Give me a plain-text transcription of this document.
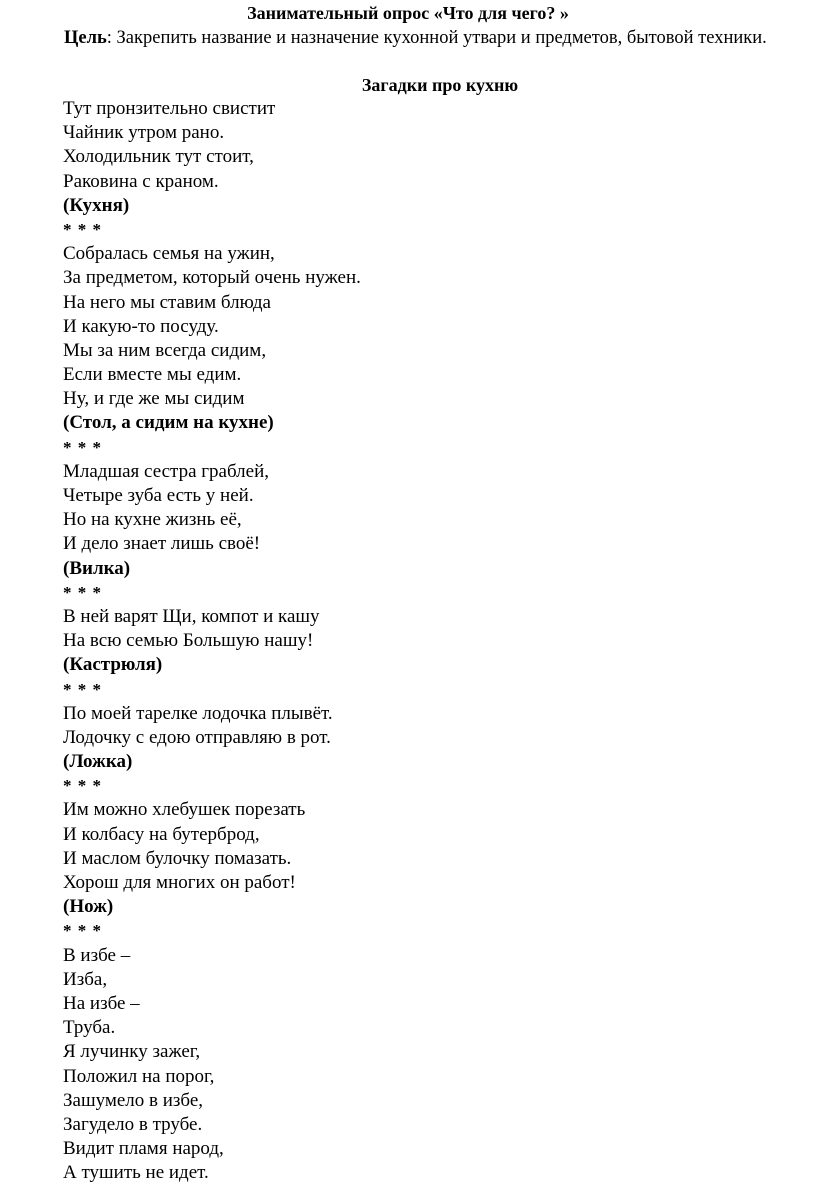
Занимательный опрос «Что для чего? »
Цель: Закрепить название и назначение кухонной утвари и предметов, бытовой техники.
Загадки про кухню
Тут пронзительно свистит
Чайник утром рано.
Холодильник тут стоит,
Раковина с краном.
(Кухня)
* * *
Собралась семья на ужин,
За предметом, который очень нужен.
На него мы ставим блюда
И какую-то посуду.
Мы за ним всегда сидим,
Если вместе мы едим.
Ну, и где же мы сидим
(Стол, а сидим на кухне)
* * *
Младшая сестра граблей,
Четыре зуба есть у ней.
Но на кухне жизнь её,
И дело знает лишь своё!
(Вилка)
* * *
В ней варят Щи, компот и кашу
На всю семью Большую нашу!
(Кастрюля)
* * *
По моей тарелке лодочка плывёт.
Лодочку с едою отправляю в рот.
(Ложка)
* * *
Им можно хлебушек порезать
И колбасу на бутерброд,
И маслом булочку помазать.
Хорош для многих он работ!
(Нож)
* * *
В избе –
Изба,
На избе –
Труба.
Я лучинку зажег,
Положил на порог,
Зашумело в избе,
Загудело в трубе.
Видит пламя народ,
А тушить не идет.
